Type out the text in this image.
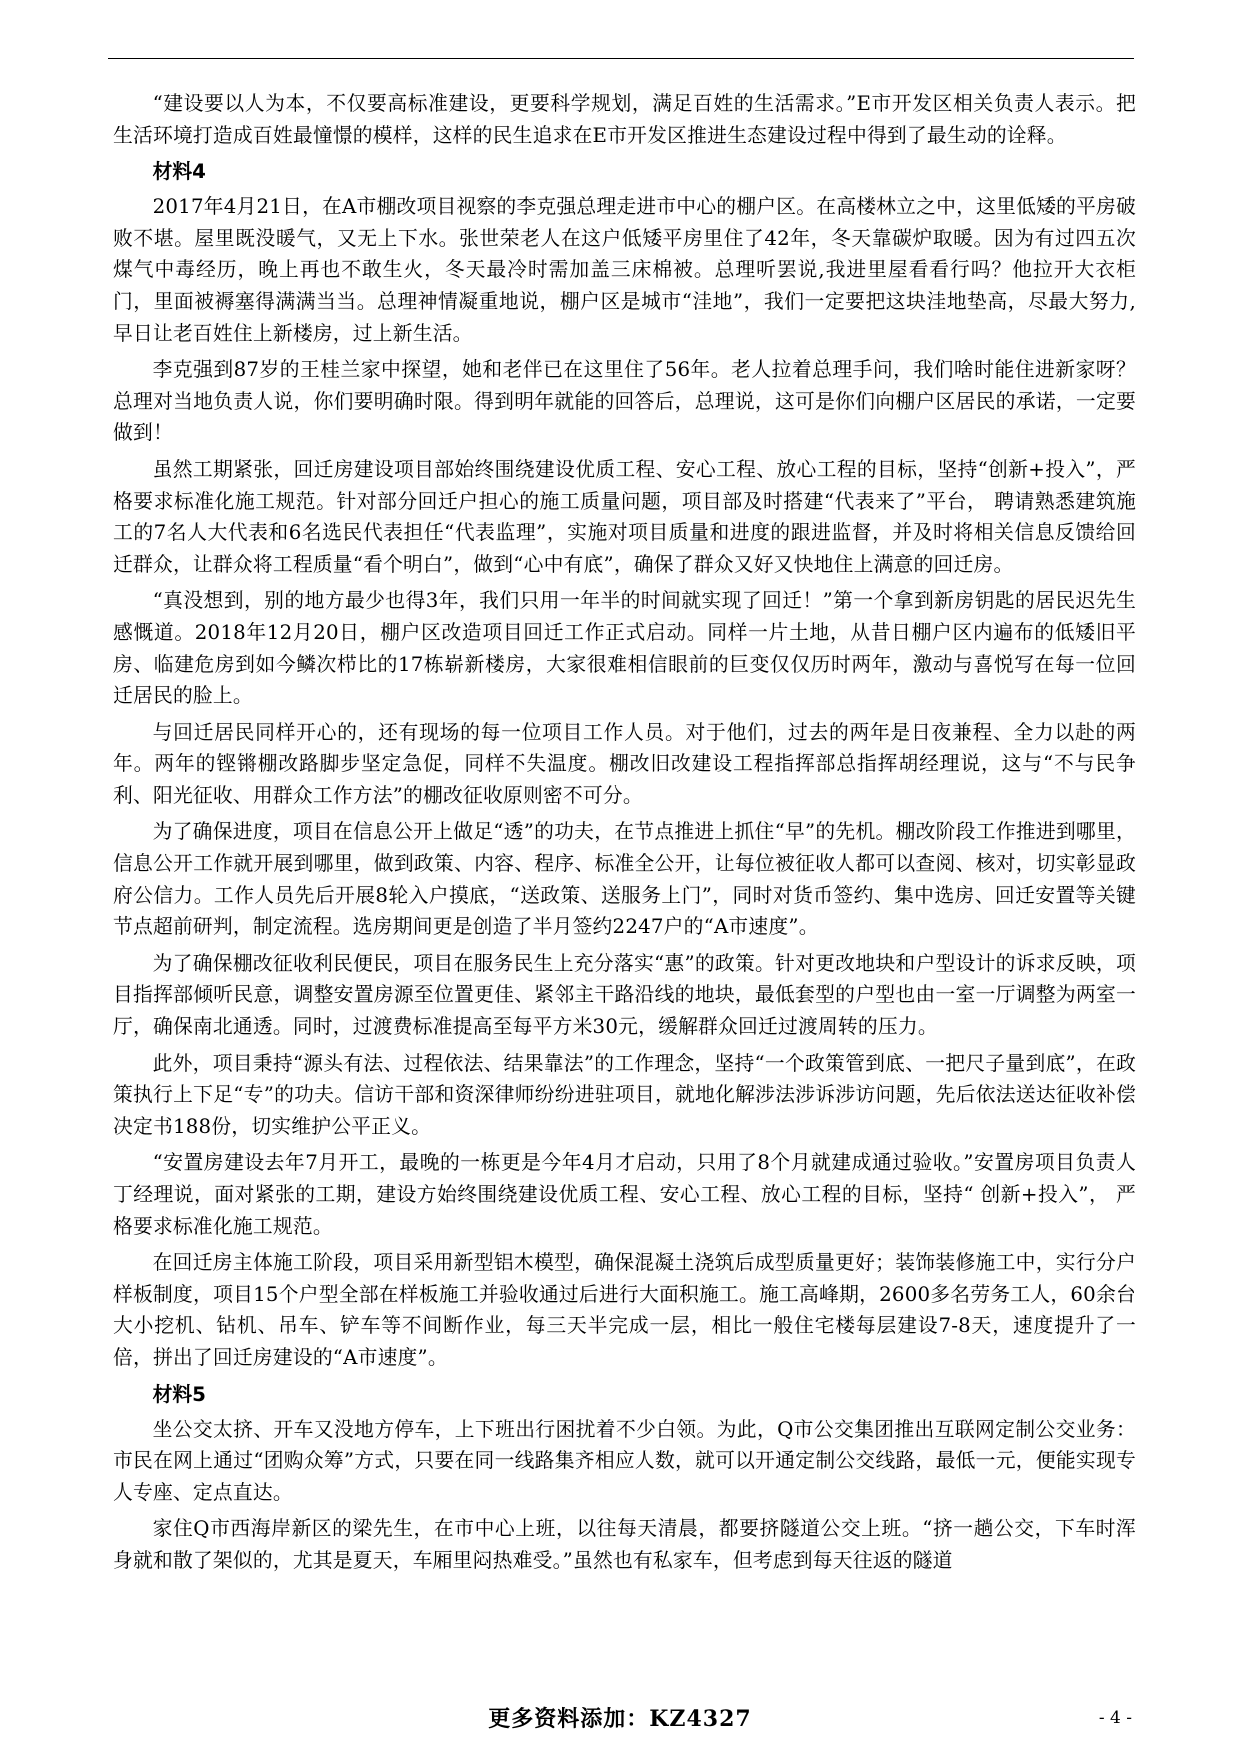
“建设要以人为本，不仅要高标准建设，更要科学规划，满足百姓的生活需求。”E市开发区相关负责人表示。把生活环境打造成百姓最憧憬的模样，这样的民生追求在E市开发区推进生态建设过程中得到了最生动的诠释。

材料4

2017年4月21日，在A市棚改项目视察的李克强总理走进市中心的棚户区。在高楼林立之中，这里低矮的平房破败不堪。屋里既没暖气，又无上下水。张世荣老人在这户低矮平房里住了42年，冬天靠碳炉取暖。因为有过四五次煤气中毒经历，晚上再也不敢生火，冬天最冷时需加盖三床棉被。总理听罢说,我进里屋看看行吗？他拉开大衣柜门，里面被褥塞得满满当当。总理神情凝重地说，棚户区是城市“洼地”，我们一定要把这块洼地垫高，尽最大努力,早日让老百姓住上新楼房，过上新生活。

李克强到87岁的王桂兰家中探望，她和老伴已在这里住了56年。老人拉着总理手问，我们啥时能住进新家呀？总理对当地负责人说，你们要明确时限。得到明年就能的回答后，总理说，这可是你们向棚户区居民的承诺，一定要做到！

虽然工期紧张，回迁房建设项目部始终围绕建设优质工程、安心工程、放心工程的目标，坚持“创新+投入”，严格要求标准化施工规范。针对部分回迁户担心的施工质量问题，项目部及时搭建“代表来了”平台， 聘请熟悉建筑施工的7名人大代表和6名选民代表担任“代表监理”，实施对项目质量和进度的跟进监督，并及时将相关信息反馈给回迁群众，让群众将工程质量“看个明白”，做到“心中有底”，确保了群众又好又快地住上满意的回迁房。

“真没想到，别的地方最少也得3年，我们只用一年半的时间就实现了回迁！”第一个拿到新房钥匙的居民迟先生感慨道。2018年12月20日，棚户区改造项目回迁工作正式启动。同样一片土地，从昔日棚户区内遍布的低矮旧平房、临建危房到如今鳞次栉比的17栋崭新楼房，大家很难相信眼前的巨变仅仅历时两年，激动与喜悦写在每一位回迁居民的脸上。

与回迁居民同样开心的，还有现场的每一位项目工作人员。对于他们，过去的两年是日夜兼程、全力以赴的两年。两年的铿锵棚改路脚步坚定急促，同样不失温度。棚改旧改建设工程指挥部总指挥胡经理说，这与“不与民争利、阳光征收、用群众工作方法”的棚改征收原则密不可分。

为了确保进度，项目在信息公开上做足“透”的功夫，在节点推进上抓住“早”的先机。棚改阶段工作推进到哪里，信息公开工作就开展到哪里，做到政策、内容、程序、标准全公开，让每位被征收人都可以查阅、核对，切实彰显政府公信力。工作人员先后开展8轮入户摸底，“送政策、送服务上门”，同时对货币签约、集中选房、回迁安置等关键节点超前研判，制定流程。选房期间更是创造了半月签约2247户的“A市速度”。

为了确保棚改征收利民便民，项目在服务民生上充分落实“惠”的政策。针对更改地块和户型设计的诉求反映，项目指挥部倾听民意，调整安置房源至位置更佳、紧邻主干路沿线的地块，最低套型的户型也由一室一厅调整为两室一厅，确保南北通透。同时，过渡费标准提高至每平方米30元，缓解群众回迁过渡周转的压力。

此外，项目秉持“源头有法、过程依法、结果靠法”的工作理念，坚持“一个政策管到底、一把尺子量到底”，在政策执行上下足“专”的功夫。信访干部和资深律师纷纷进驻项目，就地化解涉法涉诉涉访问题，先后依法送达征收补偿决定书188份，切实维护公平正义。

“安置房建设去年7月开工，最晚的一栋更是今年4月才启动，只用了8个月就建成通过验收。”安置房项目负责人丁经理说，面对紧张的工期，建设方始终围绕建设优质工程、安心工程、放心工程的目标，坚持“ 创新+投入”， 严格要求标准化施工规范。

在回迁房主体施工阶段，项目采用新型铝木模型，确保混凝土浇筑后成型质量更好；装饰装修施工中，实行分户样板制度，项目15个户型全部在样板施工并验收通过后进行大面积施工。施工高峰期，2600多名劳务工人，60余台大小挖机、钻机、吊车、铲车等不间断作业，每三天半完成一层，相比一般住宅楼每层建设7-8天，速度提升了一倍，拼出了回迁房建设的“A市速度”。

材料5

坐公交太挤、开车又没地方停车，上下班出行困扰着不少白领。为此，Q市公交集团推出互联网定制公交业务：市民在网上通过“团购众筹”方式，只要在同一线路集齐相应人数，就可以开通定制公交线路，最低一元，便能实现专人专座、定点直达。

家住Q市西海岸新区的梁先生，在市中心上班，以往每天清晨，都要挤隧道公交上班。“挤一趟公交，下车时浑身就和散了架似的，尤其是夏天，车厢里闷热难受。”虽然也有私家车，但考虑到每天往返的隧道

更多资料添加：KZ4327	- 4 -
